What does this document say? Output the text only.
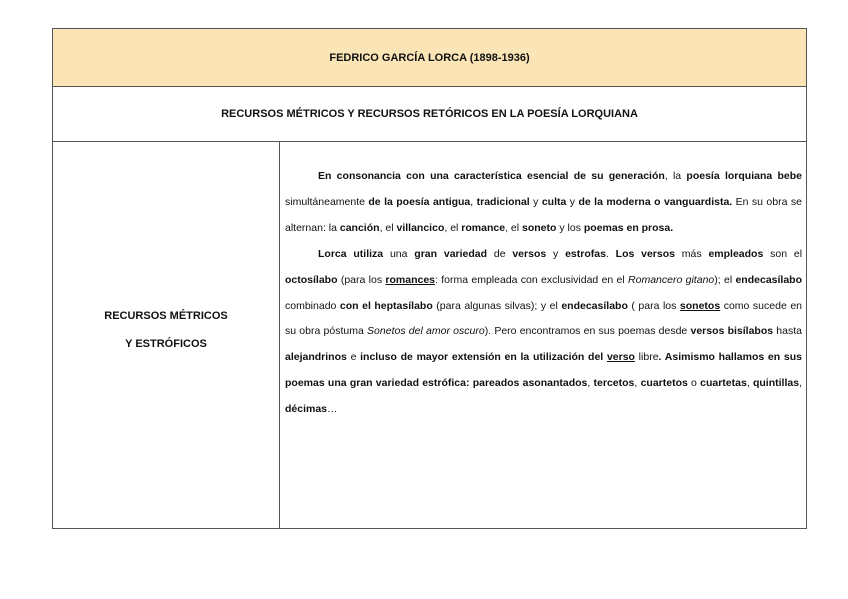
FEDRICO GARCÍA LORCA (1898-1936)
RECURSOS MÉTRICOS Y RECURSOS RETÓRICOS EN LA POESÍA LORQUIANA
RECURSOS MÉTRICOS
Y ESTRÓFICOS

En consonancia con una característica esencial de su generación, la poesía lorquiana bebe simultáneamente de la poesía antigua, tradicional y culta y de la moderna o vanguardista. En su obra se alternan: la canción, el villancico, el romance, el soneto y los poemas en prosa.

Lorca utiliza una gran variedad de versos y estrofas. Los versos más empleados son el octosílabo (para los romances: forma empleada con exclusividad en el Romancero gitano); el endecasílabo combinado con el heptasílabo (para algunas silvas); y el endecasílabo ( para los sonetos como sucede en su obra póstuma Sonetos del amor oscuro). Pero encontramos en sus poemas desde versos bisílabos hasta alejandrinos e incluso de mayor extensión en la utilización del verso libre. Asimismo hallamos en sus poemas una gran variedad estrófica: pareados asonantados, tercetos, cuartetos o cuartetas, quintillas, décimas…
